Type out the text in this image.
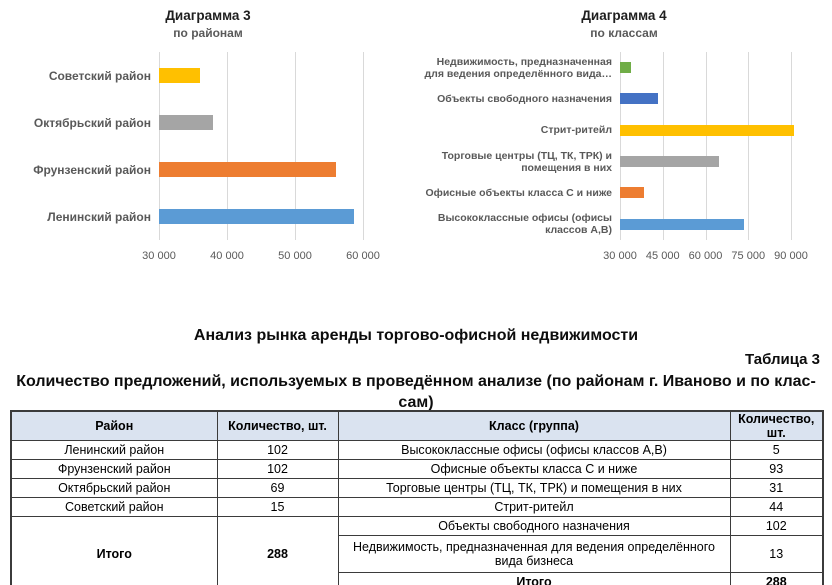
Диаграмма 3
по районам
Советский район
Октябрьский район
Фрунзенский район
Ленинский район
30 000	40 000	50 000	60 000
Диаграмма 4
по классам
Недвижимость, предназначенная для ведения определённого вида…
Объекты свободного назначения
Стрит-ритейл
Торговые центры (ТЦ, ТК, ТРК) и помещения в них
Офисные объекты класса С и ниже
Высококлассные офисы (офисы классов А,В)
30 000 45 000 60 000 75 000 90 000
Анализ рынка аренды торгово-офисной недвижимости
Таблица 3
Количество предложений, используемых в проведённом анализе (по районам г. Иваново и по клас-
сам)
Район	Количество, шт.	Класс (группа)	Количество, шт.
Ленинский район	102	Высококлассные офисы (офисы классов А,В)	5
Фрунзенский район	102	Офисные объекты класса С и ниже	93
Октябрьский район	69	Торговые центры (ТЦ, ТК, ТРК) и помещения в них	31
Советский район	15	Стрит-ритейл	44
Итого	288	Объекты свободного назначения	102
		Недвижимость, предназначенная для ведения определённого вида бизнеса	13
		Итого	288
